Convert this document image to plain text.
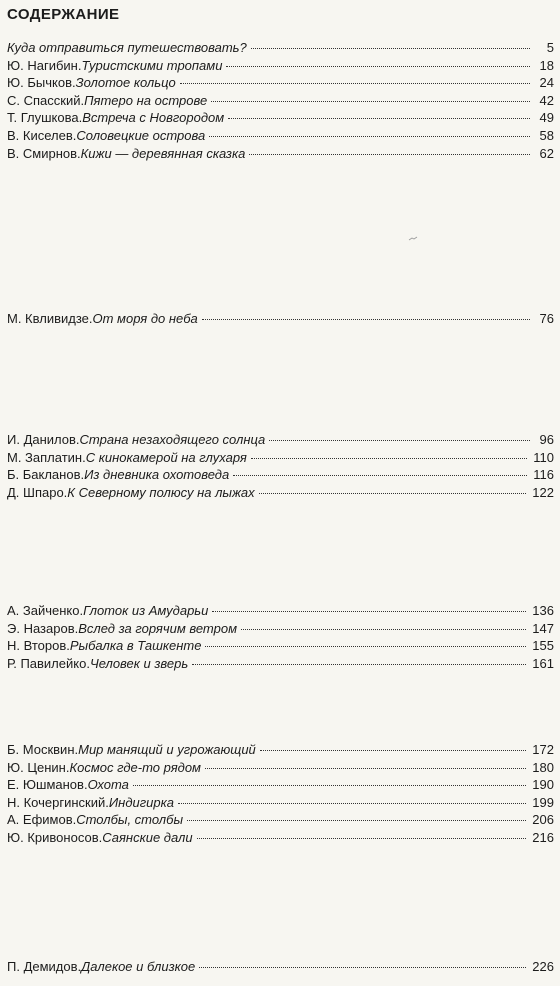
СОДЕРЖАНИЕ
Куда отправиться путешествовать?	5
Ю. Нагибин. Туристскими тропами	18
Ю. Бычков. Золотое кольцо	24
С. Спасский. Пятеро на острове	42
Т. Глушкова. Встреча с Новгородом	49
В. Киселев. Соловецкие острова	58
В. Смирнов. Кижи — деревянная сказка	62
М. Квливидзе. От моря до неба	76
И. Данилов. Страна незаходящего солнца	96
М. Заплатин. С кинокамерой на глухаря	110
Б. Бакланов. Из дневника охотоведа	116
Д. Шпаро. К Северному полюсу на лыжах	122
А. Зайченко. Глоток из Амударьи	136
Э. Назаров. Вслед за горячим ветром	147
Н. Второв. Рыбалка в Ташкенте	155
Р. Павилейко. Человек и зверь	161
Б. Москвин. Мир манящий и угрожающий	172
Ю. Ценин. Космос где-то рядом	180
Е. Юшманов. Охота	190
Н. Кочергинский. Индигирка	199
А. Ефимов. Столбы, столбы	206
Ю. Кривоносов. Саянские дали	216
П. Демидов. Далекое и близкое	226
